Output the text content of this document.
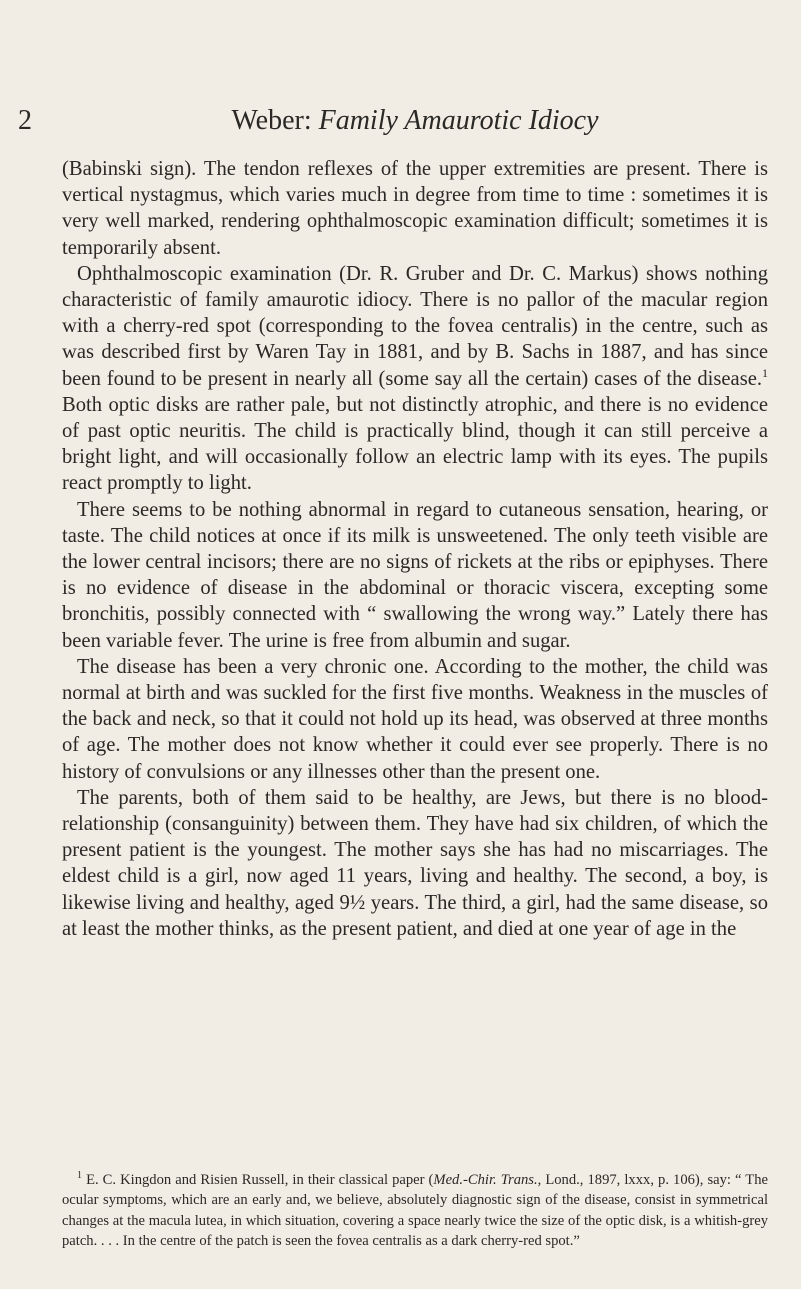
2	Weber: Family Amaurotic Idiocy

(Babinski sign). The tendon reflexes of the upper extremities are present. There is vertical nystagmus, which varies much in degree from time to time : sometimes it is very well marked, rendering ophthalmoscopic examination difficult; sometimes it is temporarily absent.

Ophthalmoscopic examination (Dr. R. Gruber and Dr. C. Markus) shows nothing characteristic of family amaurotic idiocy. There is no pallor of the macular region with a cherry-red spot (corresponding to the fovea centralis) in the centre, such as was described first by Waren Tay in 1881, and by B. Sachs in 1887, and has since been found to be present in nearly all (some say all the certain) cases of the disease.$^1$ Both optic disks are rather pale, but not distinctly atrophic, and there is no evidence of past optic neuritis. The child is practically blind, though it can still perceive a bright light, and will occasionally follow an electric lamp with its eyes. The pupils react promptly to light.

There seems to be nothing abnormal in regard to cutaneous sensation, hearing, or taste. The child notices at once if its milk is unsweetened. The only teeth visible are the lower central incisors; there are no signs of rickets at the ribs or epiphyses. There is no evidence of disease in the abdominal or thoracic viscera, excepting some bronchitis, possibly connected with “ swallowing the wrong way.” Lately there has been variable fever. The urine is free from albumin and sugar.

The disease has been a very chronic one. According to the mother, the child was normal at birth and was suckled for the first five months. Weakness in the muscles of the back and neck, so that it could not hold up its head, was observed at three months of age. The mother does not know whether it could ever see properly. There is no history of convulsions or any illnesses other than the present one.

The parents, both of them said to be healthy, are Jews, but there is no blood-relationship (consanguinity) between them. They have had six children, of which the present patient is the youngest. The mother says she has had no miscarriages. The eldest child is a girl, now aged 11 years, living and healthy. The second, a boy, is likewise living and healthy, aged 9½ years. The third, a girl, had the same disease, so at least the mother thinks, as the present patient, and died at one year of age in the

$^1$ E. C. Kingdon and Risien Russell, in their classical paper (Med.-Chir. Trans., Lond., 1897, lxxx, p. 106), say: “ The ocular symptoms, which are an early and, we believe, absolutely diagnostic sign of the disease, consist in symmetrical changes at the macula lutea, in which situation, covering a space nearly twice the size of the optic disk, is a whitish-grey patch. . . . In the centre of the patch is seen the fovea centralis as a dark cherry-red spot.”
